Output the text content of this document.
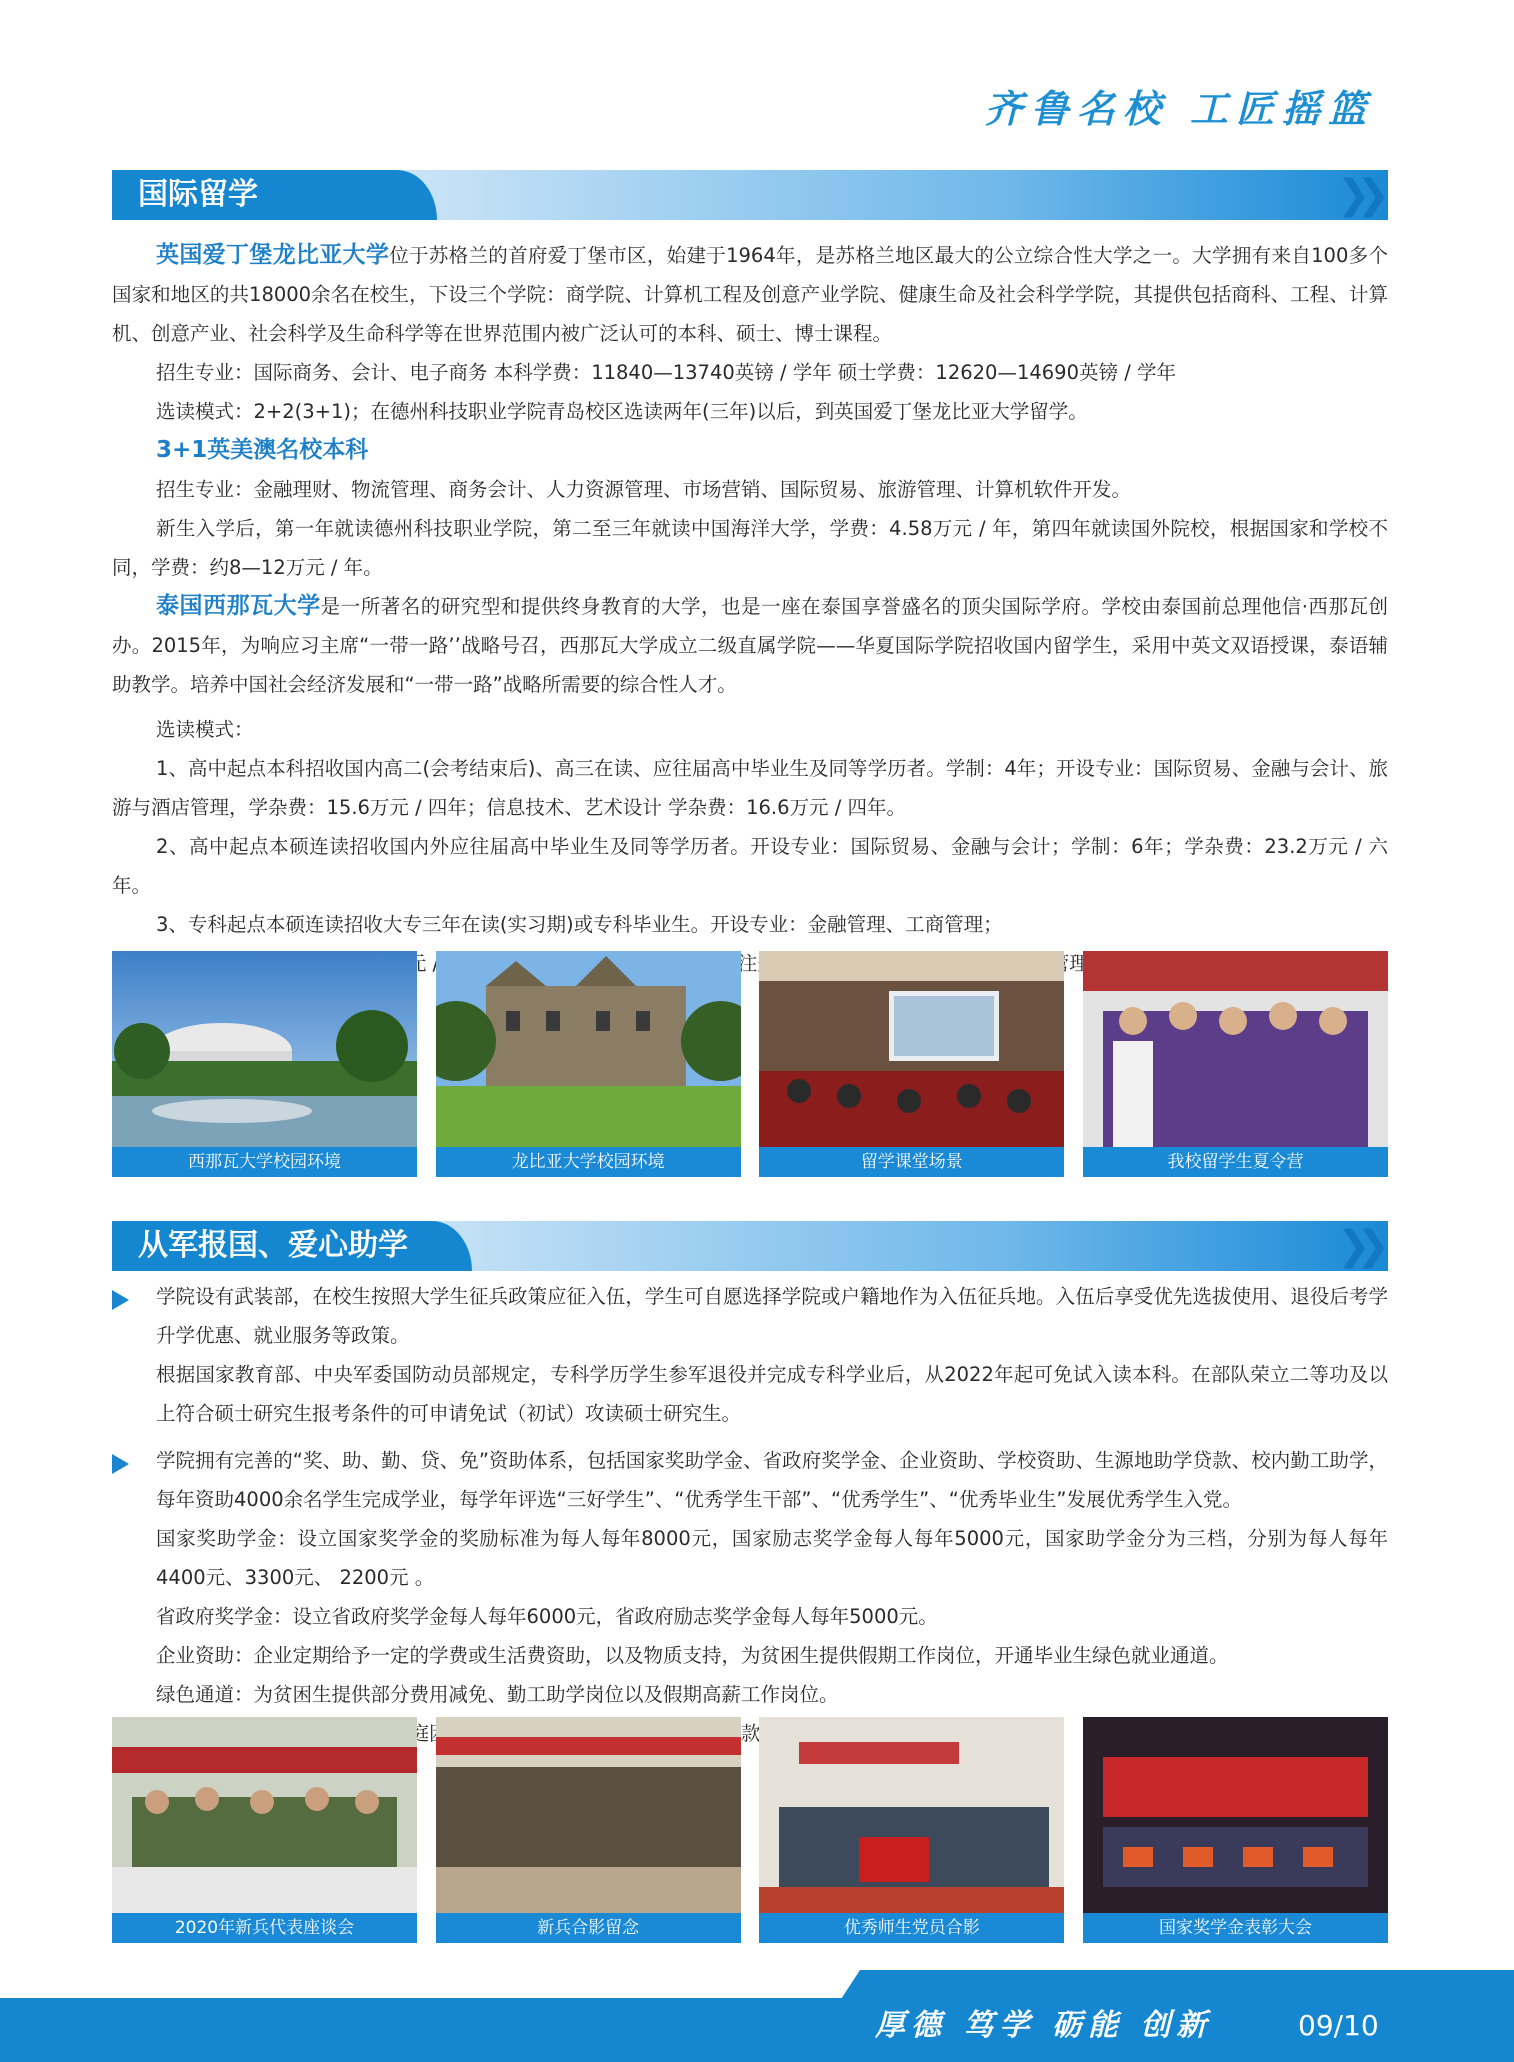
齐鲁名校 工匠摇篮
国际留学	❯❯

英国爱丁堡龙比亚大学位于苏格兰的首府爱丁堡市区，始建于1964年，是苏格兰地区最大的公立综合性大学之一。大学拥有来自100多个国家和地区的共18000余名在校生，下设三个学院：商学院、计算机工程及创意产业学院、健康生命及社会科学学院，其提供包括商科、工程、计算机、创意产业、社会科学及生命科学等在世界范围内被广泛认可的本科、硕士、博士课程。

招生专业：国际商务、会计、电子商务 本科学费：11840—13740英镑 / 学年 硕士学费：12620—14690英镑 / 学年

选读模式：2+2(3+1)；在德州科技职业学院青岛校区选读两年(三年)以后，到英国爱丁堡龙比亚大学留学。

3+1英美澳名校本科

招生专业：金融理财、物流管理、商务会计、人力资源管理、市场营销、国际贸易、旅游管理、计算机软件开发。

新生入学后，第一年就读德州科技职业学院，第二至三年就读中国海洋大学，学费：4.58万元 / 年，第四年就读国外院校，根据国家和学校不同，学费：约8—12万元 / 年。

泰国西那瓦大学是一所著名的研究型和提供终身教育的大学，也是一座在泰国享誉盛名的顶尖国际学府。学校由泰国前总理他信·西那瓦创办。2015年，为响应习主席“一带一路’’战略号召，西那瓦大学成立二级直属学院——华夏国际学院招收国内留学生，采用中英文双语授课，泰语辅助教学。培养中国社会经济发展和“一带一路”战略所需要的综合性人才。

选读模式：

1、高中起点本科招收国内高二(会考结束后)、高三在读、应往届高中毕业生及同等学历者。学制：4年；开设专业：国际贸易、金融与会计、旅游与酒店管理，学杂费：15.6万元 / 四年；信息技术、艺术设计 学杂费：16.6万元 / 四年。

2、高中起点本硕连读招收国内外应往届高中毕业生及同等学历者。开设专业：国际贸易、金融与会计；学制：6年；学杂费：23.2万元 / 六年。

3、专科起点本硕连读招收大专三年在读(实习期)或专科毕业生。开设专业：金融管理、工商管理；

西那瓦大学校园环境	龙比亚大学校园环境	留学课堂场景	我校留学生夏令营
从军报国、爱心助学	❯❯

学院设有武装部，在校生按照大学生征兵政策应征入伍，学生可自愿选择学院或户籍地作为入伍征兵地。入伍后享受优先选拔使用、退役后考学升学优惠、就业服务等政策。

根据国家教育部、中央军委国防动员部规定，专科学历学生参军退役并完成专科学业后，从2022年起可免试入读本科。在部队荣立二等功及以上符合硕士研究生报考条件的可申请免试（初试）攻读硕士研究生。

学院拥有完善的“奖、助、勤、贷、免”资助体系，包括国家奖助学金、省政府奖学金、企业资助、学校资助、生源地助学贷款、校内勤工助学，每年资助4000余名学生完成学业，每学年评选“三好学生”、“优秀学生干部”、“优秀学生”、“优秀毕业生”发展优秀学生入党。

国家奖助学金：设立国家奖学金的奖励标准为每人每年8000元，国家励志奖学金每人每年5000元，国家助学金分为三档，分别为每人每年4400元、3300元、 2200元 。

省政府奖学金：设立省政府奖学金每人每年6000元，省政府励志奖学金每人每年5000元。

企业资助：企业定期给予一定的学费或生活费资助，以及物质支持，为贫困生提供假期工作岗位，开通毕业生绿色就业通道。

绿色通道：为贫困生提供部分费用减免、勤工助学岗位以及假期高薪工作岗位。

2020年新兵代表座谈会	新兵合影留念	优秀师生党员合影	国家奖学金表彰大会
厚德 笃学 砺能 创新	09/10
